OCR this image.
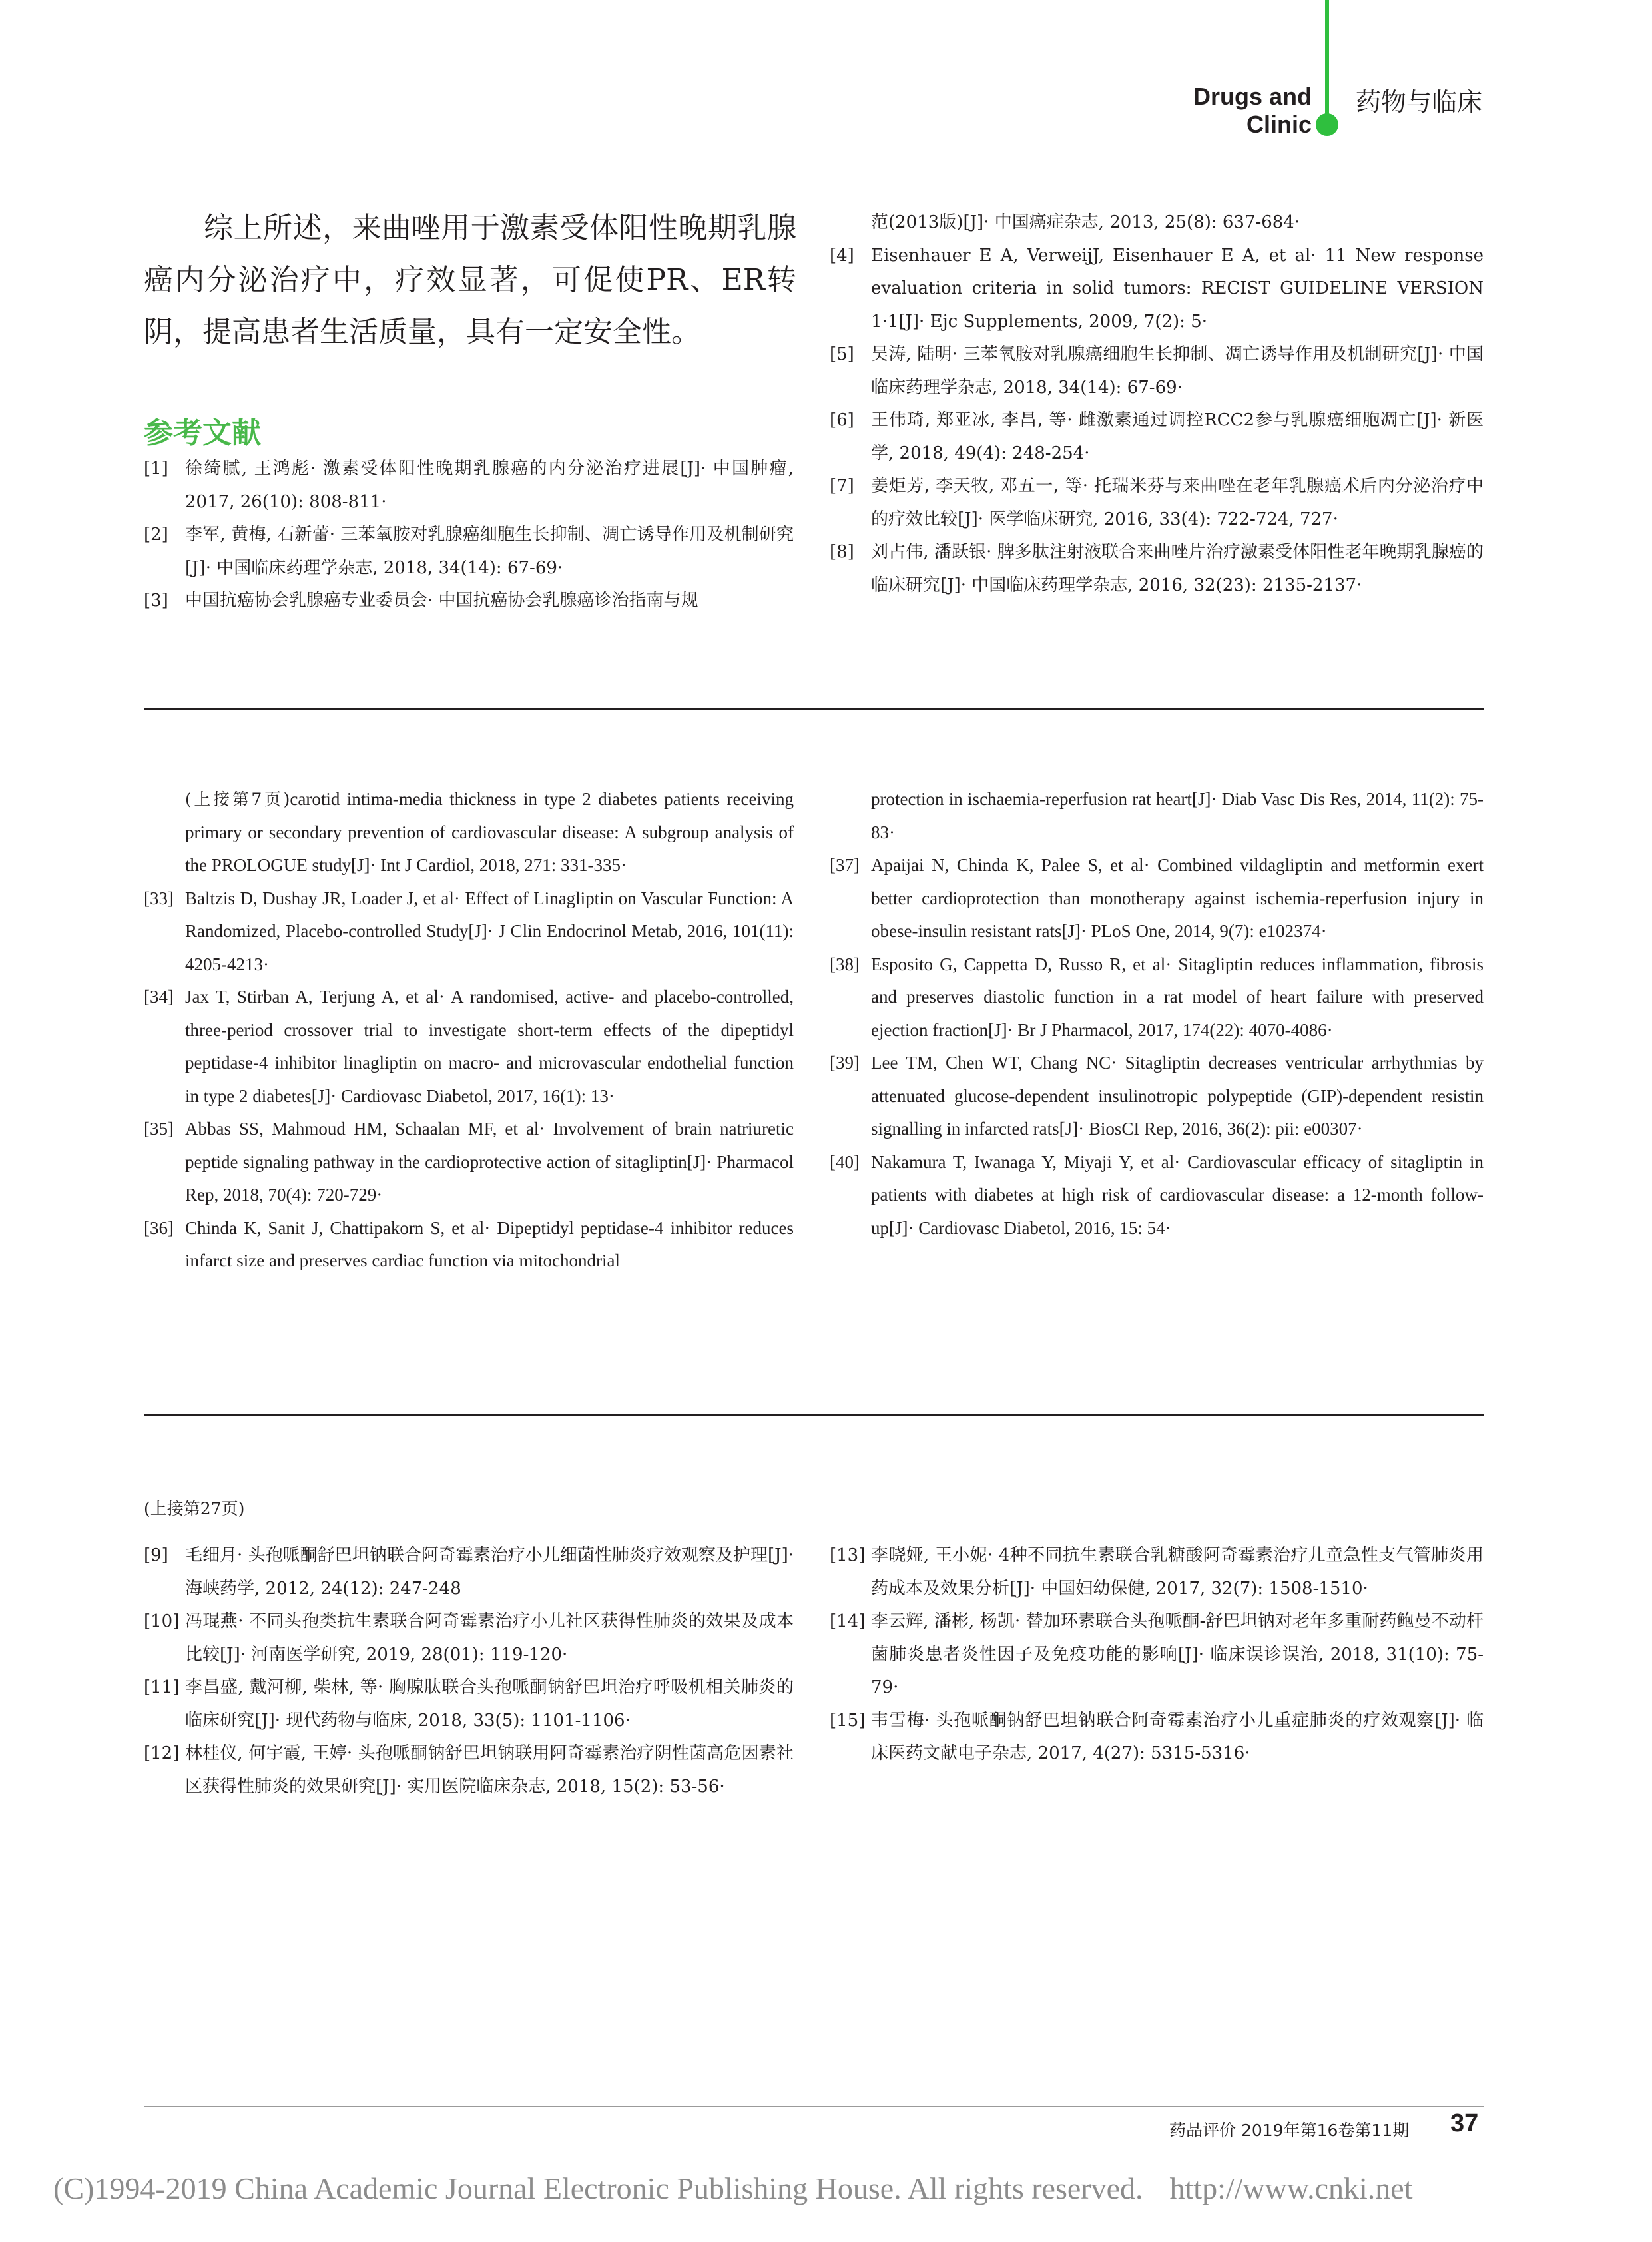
Drugs and Clinic
药物与临床
综上所述，来曲唑用于激素受体阳性晚期乳腺癌内分泌治疗中，疗效显著，可促使PR、ER转阴，提高患者生活质量，具有一定安全性。
参考文献
[1] 徐绮腻, 王鸿彪· 激素受体阳性晚期乳腺癌的内分泌治疗进展[J]· 中国肿瘤, 2017, 26(10): 808-811·
[2] 李军, 黄梅, 石新蕾· 三苯氧胺对乳腺癌细胞生长抑制、凋亡诱导作用及机制研究[J]· 中国临床药理学杂志, 2018, 34(14): 67-69·
[3] 中国抗癌协会乳腺癌专业委员会· 中国抗癌协会乳腺癌诊治指南与规
范(2013版)[J]· 中国癌症杂志, 2013, 25(8): 637-684·
[4] Eisenhauer E A, VerweijJ, Eisenhauer E A, et al· 11 New response evaluation criteria in solid tumors: RECIST GUIDELINE VERSION 1·1[J]· Ejc Supplements, 2009, 7(2): 5·
[5] 吴涛, 陆明· 三苯氧胺对乳腺癌细胞生长抑制、凋亡诱导作用及机制研究[J]· 中国临床药理学杂志, 2018, 34(14): 67-69·
[6] 王伟琦, 郑亚冰, 李昌, 等· 雌激素通过调控RCC2参与乳腺癌细胞凋亡[J]· 新医学, 2018, 49(4): 248-254·
[7] 姜炬芳, 李天牧, 邓五一, 等· 托瑞米芬与来曲唑在老年乳腺癌术后内分泌治疗中的疗效比较[J]· 医学临床研究, 2016, 33(4): 722-724, 727·
[8] 刘占伟, 潘跃银· 脾多肽注射液联合来曲唑片治疗激素受体阳性老年晚期乳腺癌的临床研究[J]· 中国临床药理学杂志, 2016, 32(23): 2135-2137·
(上接第7页)carotid intima-media thickness in type 2 diabetes patients receiving primary or secondary prevention of cardiovascular disease: A subgroup analysis of the PROLOGUE study[J]· Int J Cardiol, 2018, 271: 331-335·
[33] Baltzis D, Dushay JR, Loader J, et al· Effect of Linagliptin on Vascular Function: A Randomized, Placebo-controlled Study[J]· J Clin Endocrinol Metab, 2016, 101(11): 4205-4213·
[34] Jax T, Stirban A, Terjung A, et al· A randomised, active- and placebo-controlled, three-period crossover trial to investigate short-term effects of the dipeptidyl peptidase-4 inhibitor linagliptin on macro- and microvascular endothelial function in type 2 diabetes[J]· Cardiovasc Diabetol, 2017, 16(1): 13·
[35] Abbas SS, Mahmoud HM, Schaalan MF, et al· Involvement of brain natriuretic peptide signaling pathway in the cardioprotective action of sitagliptin[J]· Pharmacol Rep, 2018, 70(4): 720-729·
[36] Chinda K, Sanit J, Chattipakorn S, et al· Dipeptidyl peptidase-4 inhibitor reduces infarct size and preserves cardiac function via mitochondrial
protection in ischaemia-reperfusion rat heart[J]· Diab Vasc Dis Res, 2014, 11(2): 75-83·
[37] Apaijai N, Chinda K, Palee S, et al· Combined vildagliptin and metformin exert better cardioprotection than monotherapy against ischemia-reperfusion injury in obese-insulin resistant rats[J]· PLoS One, 2014, 9(7): e102374·
[38] Esposito G, Cappetta D, Russo R, et al· Sitagliptin reduces inflammation, fibrosis and preserves diastolic function in a rat model of heart failure with preserved ejection fraction[J]· Br J Pharmacol, 2017, 174(22): 4070-4086·
[39] Lee TM, Chen WT, Chang NC· Sitagliptin decreases ventricular arrhythmias by attenuated glucose-dependent insulinotropic polypeptide (GIP)-dependent resistin signalling in infarcted rats[J]· BiosCI Rep, 2016, 36(2): pii: e00307·
[40] Nakamura T, Iwanaga Y, Miyaji Y, et al· Cardiovascular efficacy of sitagliptin in patients with diabetes at high risk of cardiovascular disease: a 12-month follow-up[J]· Cardiovasc Diabetol, 2016, 15: 54·
(上接第27页)
[9] 毛细月· 头孢哌酮舒巴坦钠联合阿奇霉素治疗小儿细菌性肺炎疗效观察及护理[J]· 海峡药学, 2012, 24(12): 247-248
[10] 冯琨燕· 不同头孢类抗生素联合阿奇霉素治疗小儿社区获得性肺炎的效果及成本比较[J]· 河南医学研究, 2019, 28(01): 119-120·
[11] 李昌盛, 戴河柳, 柴林, 等· 胸腺肽联合头孢哌酮钠舒巴坦治疗呼吸机相关肺炎的临床研究[J]· 现代药物与临床, 2018, 33(5): 1101-1106·
[12] 林桂仪, 何宇霞, 王婷· 头孢哌酮钠舒巴坦钠联用阿奇霉素治疗阴性菌高危因素社区获得性肺炎的效果研究[J]· 实用医院临床杂志, 2018, 15(2): 53-56·
[13] 李晓娅, 王小妮· 4种不同抗生素联合乳糖酸阿奇霉素治疗儿童急性支气管肺炎用药成本及效果分析[J]· 中国妇幼保健, 2017, 32(7): 1508-1510·
[14] 李云辉, 潘彬, 杨凯· 替加环素联合头孢哌酮-舒巴坦钠对老年多重耐药鲍曼不动杆菌肺炎患者炎性因子及免疫功能的影响[J]· 临床误诊误治, 2018, 31(10): 75-79·
[15] 韦雪梅· 头孢哌酮钠舒巴坦钠联合阿奇霉素治疗小儿重症肺炎的疗效观察[J]· 临床医药文献电子杂志, 2017, 4(27): 5315-5316·
药品评价 2019年第16卷第11期 37
(C)1994-2019 China Academic Journal Electronic Publishing House. All rights reserved. http://www.cnki.net
